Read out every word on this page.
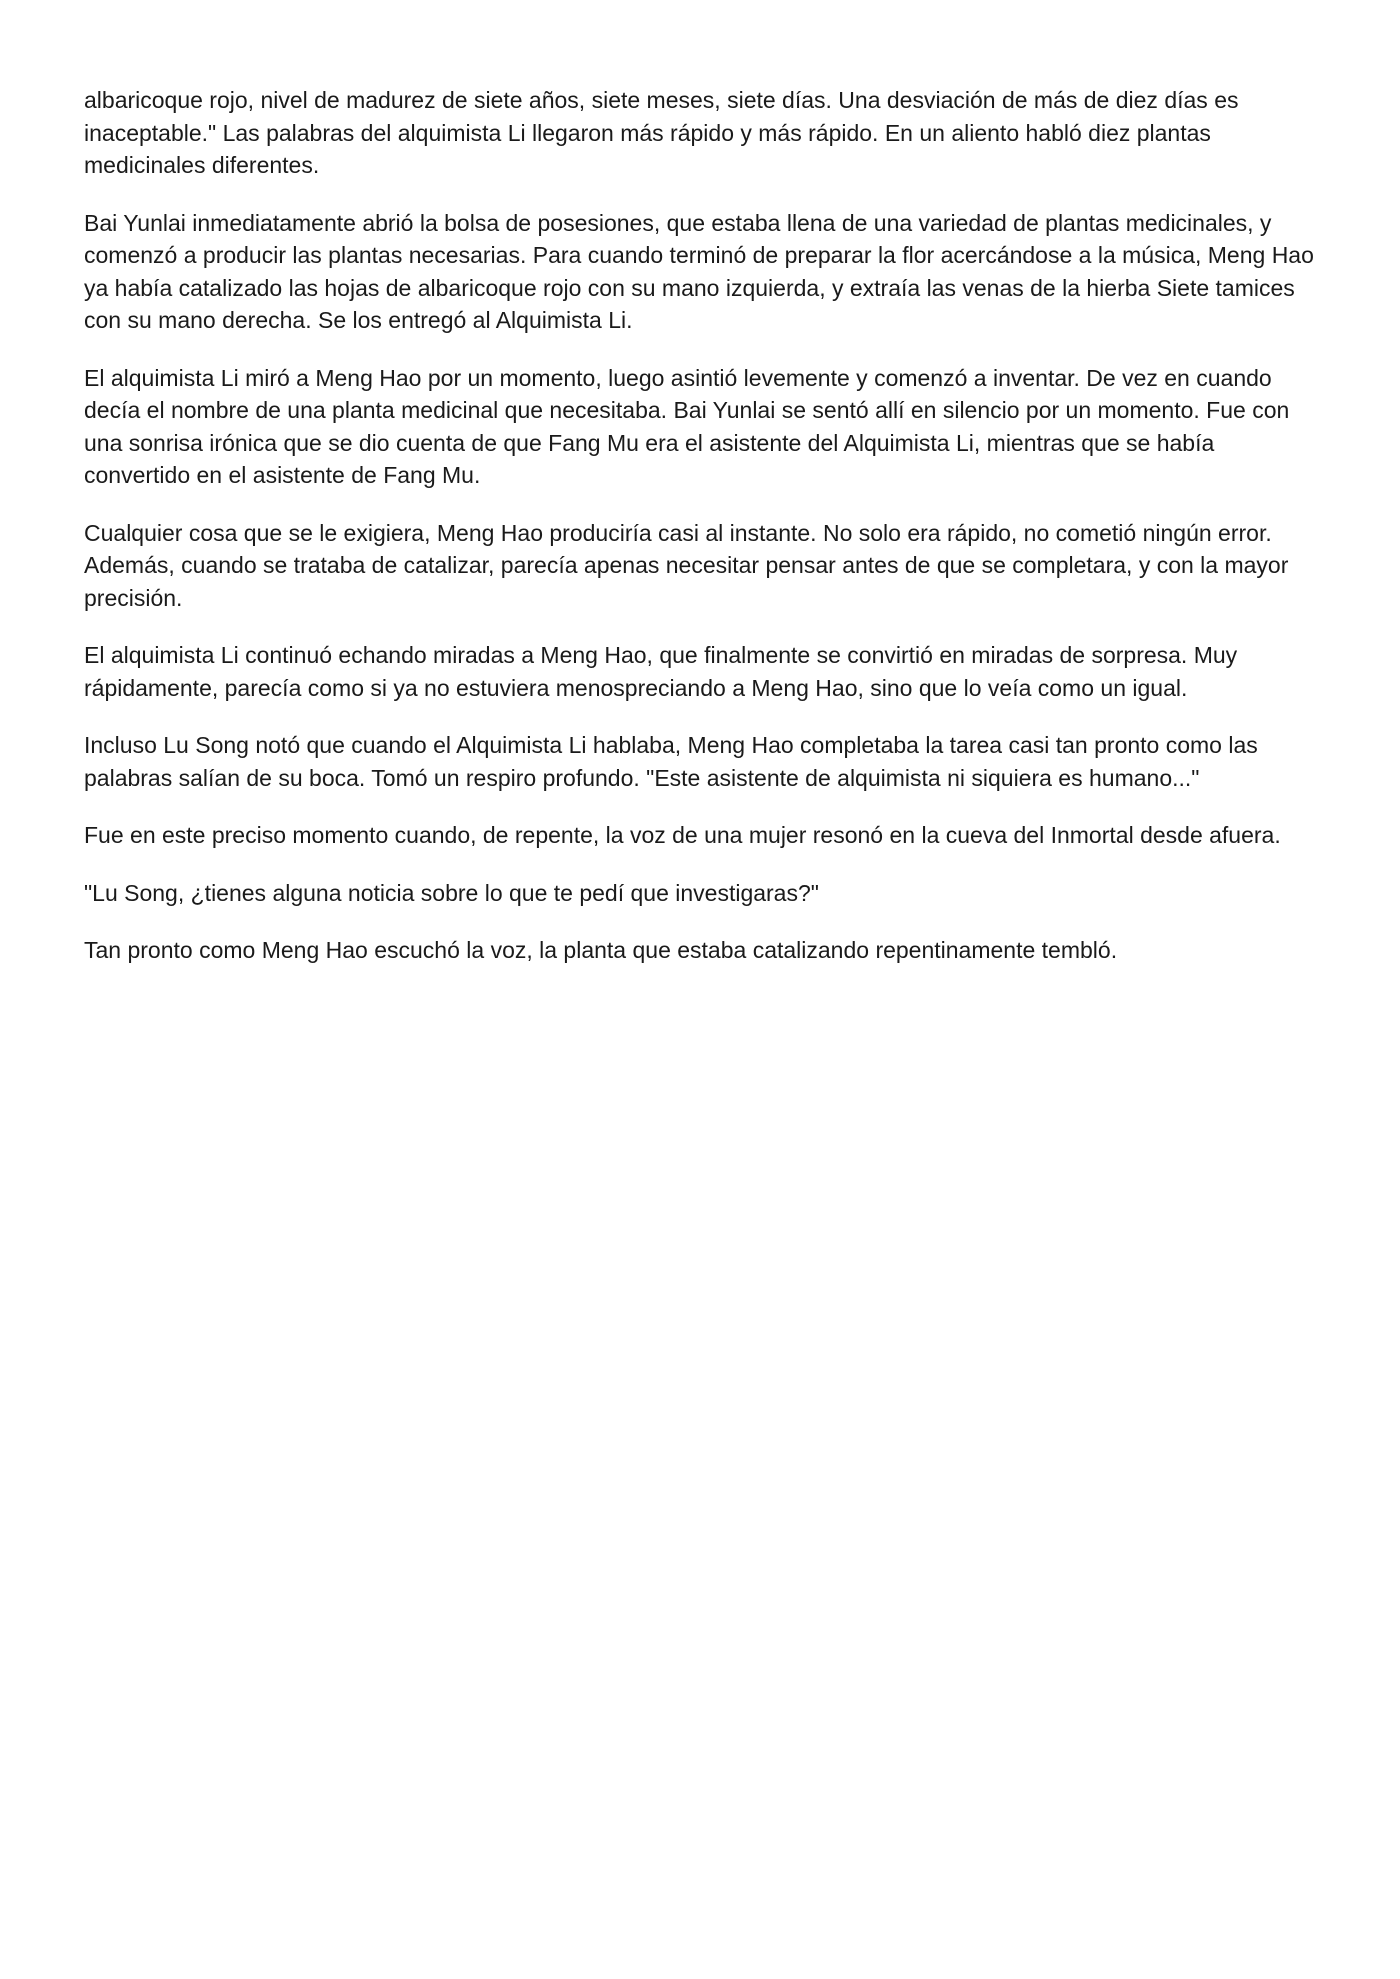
albaricoque rojo, nivel de madurez de siete años, siete meses, siete días. Una desviación de más de diez días es inaceptable." Las palabras del alquimista Li llegaron más rápido y más rápido. En un aliento habló diez plantas medicinales diferentes.

Bai Yunlai inmediatamente abrió la bolsa de posesiones, que estaba llena de una variedad de plantas medicinales, y comenzó a producir las plantas necesarias. Para cuando terminó de preparar la flor acercándose a la música, Meng Hao ya había catalizado las hojas de albaricoque rojo con su mano izquierda, y extraía las venas de la hierba Siete tamices con su mano derecha. Se los entregó al Alquimista Li.

El alquimista Li miró a Meng Hao por un momento, luego asintió levemente y comenzó a inventar. De vez en cuando decía el nombre de una planta medicinal que necesitaba. Bai Yunlai se sentó allí en silencio por un momento. Fue con una sonrisa irónica que se dio cuenta de que Fang Mu era el asistente del Alquimista Li, mientras que se había convertido en el asistente de Fang Mu.

Cualquier cosa que se le exigiera, Meng Hao produciría casi al instante. No solo era rápido, no cometió ningún error. Además, cuando se trataba de catalizar, parecía apenas necesitar pensar antes de que se completara, y con la mayor precisión.

El alquimista Li continuó echando miradas a Meng Hao, que finalmente se convirtió en miradas de sorpresa. Muy rápidamente, parecía como si ya no estuviera menospreciando a Meng Hao, sino que lo veía como un igual.

Incluso Lu Song notó que cuando el Alquimista Li hablaba, Meng Hao completaba la tarea casi tan pronto como las palabras salían de su boca. Tomó un respiro profundo. "Este asistente de alquimista ni siquiera es humano..."

Fue en este preciso momento cuando, de repente, la voz de una mujer resonó en la cueva del Inmortal desde afuera.

"Lu Song, ¿tienes alguna noticia sobre lo que te pedí que investigaras?"

Tan pronto como Meng Hao escuchó la voz, la planta que estaba catalizando repentinamente tembló.
